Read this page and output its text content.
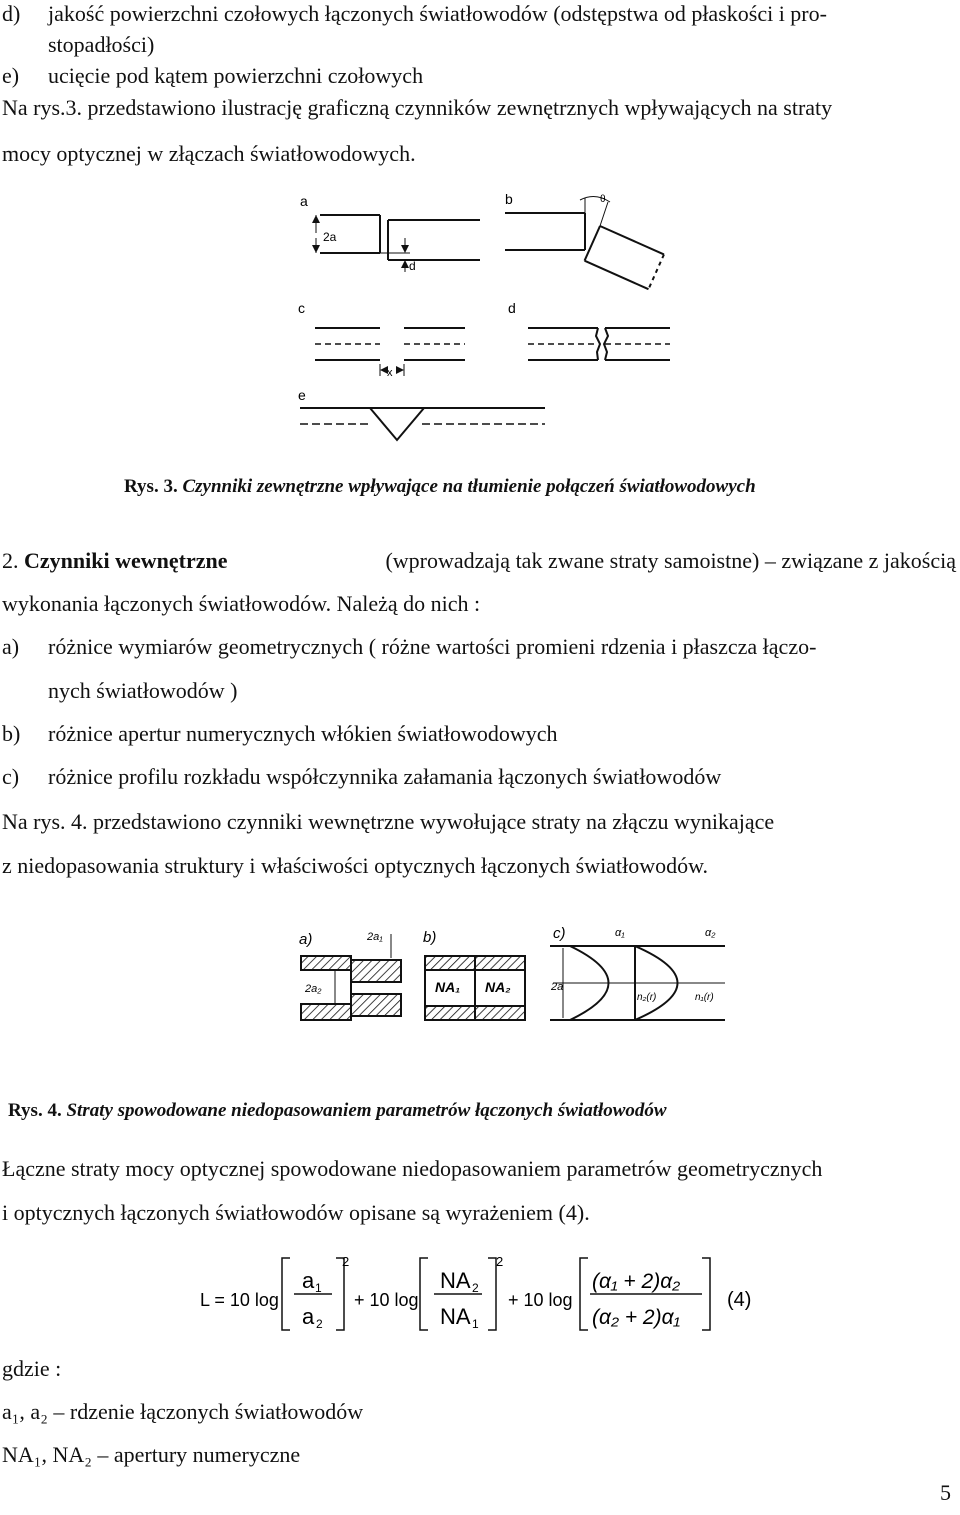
d) jakość powierzchni czołowych łączonych światłowodów (odstępstwa od płaskości i pro-
stopadłości)
e) ucięcie pod kątem powierzchni czołowych
Na rys.3. przedstawiono ilustrację graficzną czynników zewnętrznych wpływających na straty
mocy optycznej w złączach światłowodowych.
a	b
c	d
e
2a
d
x
θ
Rys. 3. Czynniki zewnętrzne wpływające na tłumienie połączeń światłowodowych
2. Czynniki wewnętrzne	(wprowadzają tak zwane straty samoistne) – związane z jakością
wykonania łączonych światłowodów. Należą do nich :
a) różnice wymiarów geometrycznych ( różne wartości promieni rdzenia i płaszcza łączo-
nych światłowodów )
b) różnice apertur numerycznych włókien światłowodowych
c) różnice profilu rozkładu współczynnika załamania łączonych światłowodów
Na rys. 4. przedstawiono czynniki wewnętrzne wywołujące straty na złączu wynikające
z niedopasowania struktury i właściwości optycznych łączonych światłowodów.
a)	b)	c)
2a₁
2a₂	NA₁ NA₂	2a
α₁	α₂
n₂(r)	n₁(r)
Rys. 4. Straty spowodowane niedopasowaniem parametrów łączonych światłowodów
Łączne straty mocy optycznej spowodowane niedopasowaniem parametrów geometrycznych
i optycznych łączonych światłowodów opisane są wyrażeniem (4).
L = 10 log
a 1
a 2
2
+ 10 log
NA 2
NA 1
2
+ 10 log
(α₁ + 2)α₂
(α₂ + 2)α₁
(4)
gdzie :
a₁, a₂ – rdzenie łączonych światłowodów
NA₁, NA₂ – apertury numeryczne
5
